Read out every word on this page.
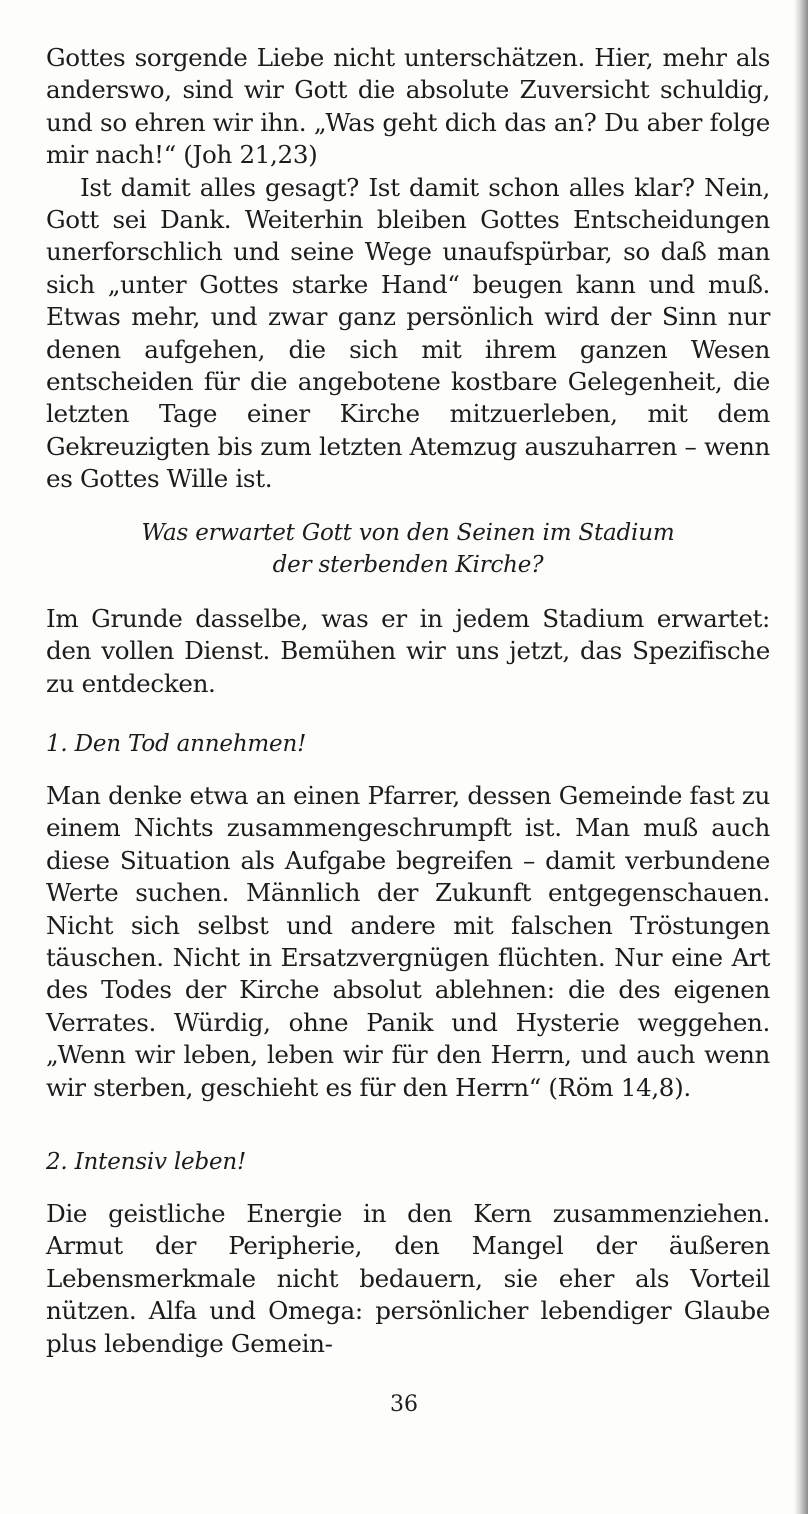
Gottes sorgende Liebe nicht unterschätzen. Hier, mehr als anderswo, sind wir Gott die absolute Zuversicht schuldig, und so ehren wir ihn. „Was geht dich das an? Du aber folge mir nach!“ (Joh 21,23)

Ist damit alles gesagt? Ist damit schon alles klar? Nein, Gott sei Dank. Weiterhin bleiben Gottes Entscheidungen unerforschlich und seine Wege unaufspürbar, so daß man sich „unter Gottes starke Hand“ beugen kann und muß. Etwas mehr, und zwar ganz persönlich wird der Sinn nur denen aufgehen, die sich mit ihrem ganzen Wesen entscheiden für die angebotene kostbare Gelegenheit, die letzten Tage einer Kirche mitzuerleben, mit dem Gekreuzigten bis zum letzten Atemzug auszuharren – wenn es Gottes Wille ist.

Was erwartet Gott von den Seinen im Stadium

der sterbenden Kirche?

Im Grunde dasselbe, was er in jedem Stadium erwartet: den vollen Dienst. Bemühen wir uns jetzt, das Spezifische zu entdecken.

1. Den Tod annehmen!

Man denke etwa an einen Pfarrer, dessen Gemeinde fast zu einem Nichts zusammengeschrumpft ist. Man muß auch diese Situation als Aufgabe begreifen – damit verbundene Werte suchen. Männlich der Zukunft entgegenschauen. Nicht sich selbst und andere mit falschen Tröstungen täuschen. Nicht in Ersatzvergnügen flüchten. Nur eine Art des Todes der Kirche absolut ablehnen: die des eigenen Verrates. Würdig, ohne Panik und Hysterie weggehen. „Wenn wir leben, leben wir für den Herrn, und auch wenn wir sterben, geschieht es für den Herrn“ (Röm 14,8).

2. Intensiv leben!

Die geistliche Energie in den Kern zusammenziehen. Armut der Peripherie, den Mangel der äußeren Lebensmerkmale nicht bedauern, sie eher als Vorteil nützen. Alfa und Omega: persönlicher lebendiger Glaube plus lebendige Gemein-

36
